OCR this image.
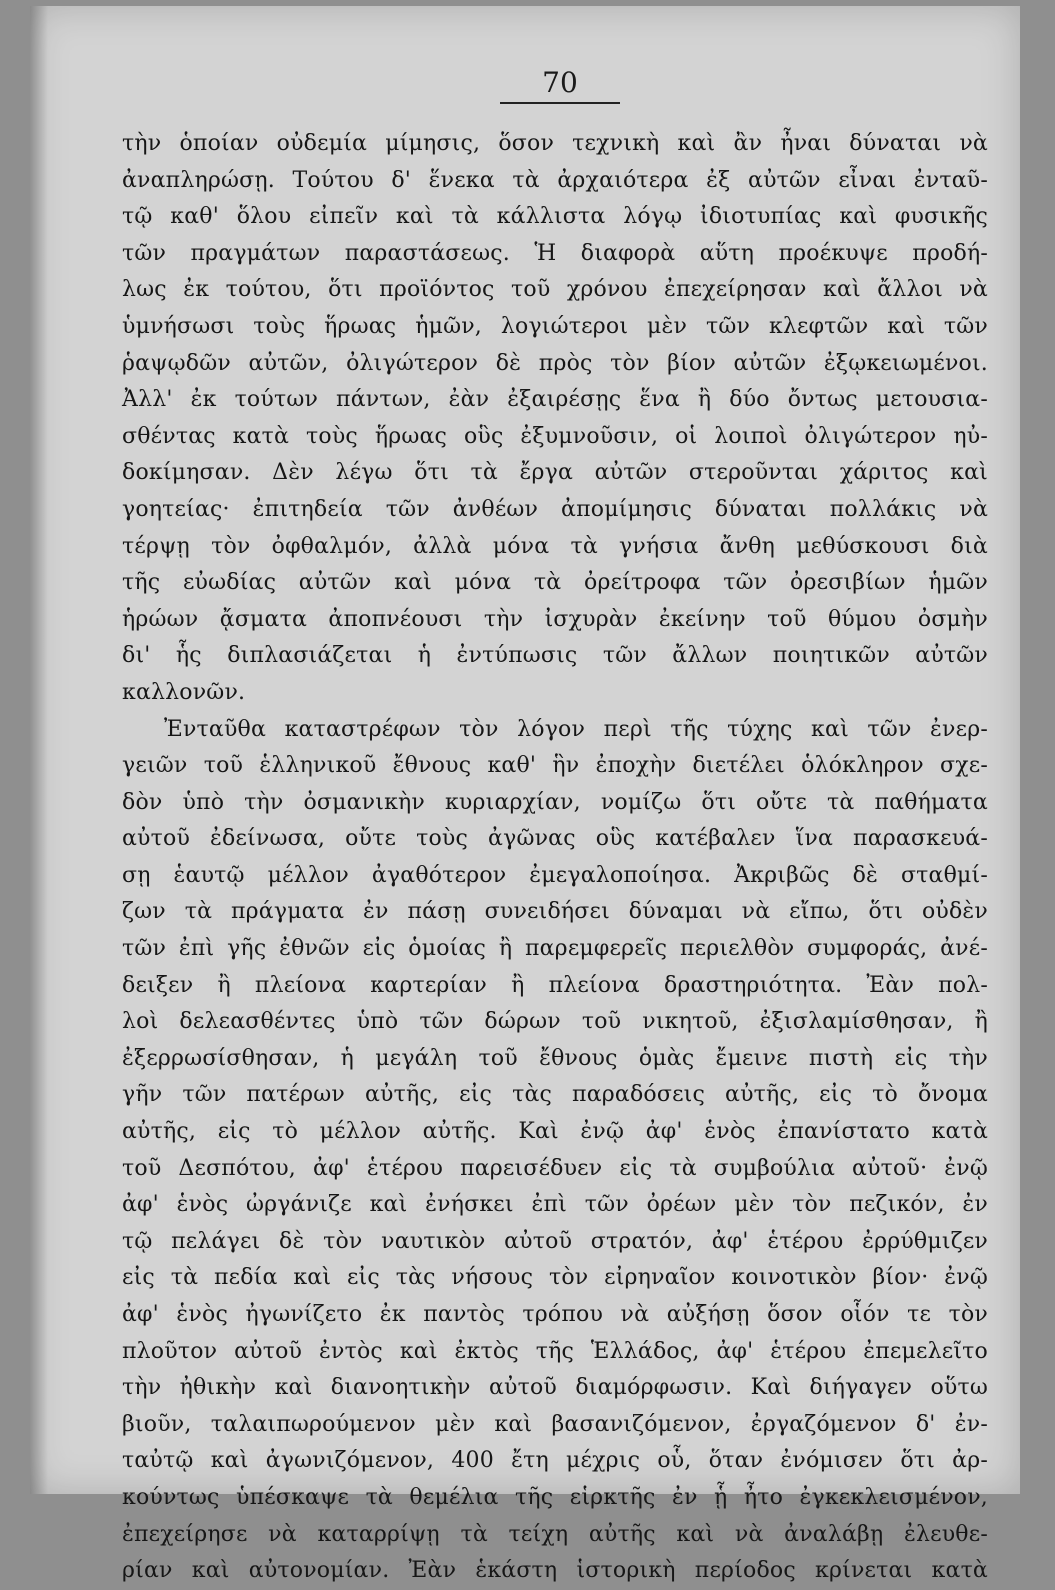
70
τὴν ὁποίαν οὐδεμία μίμησις, ὅσον τεχνικὴ καὶ ἂν ἦναι δύναται νὰ
ἀναπληρώσῃ. Τούτου δ' ἕνεκα τὰ ἀρχαιότερα ἐξ αὐτῶν εἶναι ἐνταῦ-
τῷ καθ' ὅλου εἰπεῖν καὶ τὰ κάλλιστα λόγῳ ἰδιοτυπίας καὶ φυσικῆς
τῶν πραγμάτων παραστάσεως. Ἡ διαφορὰ αὕτη προέκυψε προδή-
λως ἐκ τούτου, ὅτι προϊόντος τοῦ χρόνου ἐπεχείρησαν καὶ ἄλλοι νὰ
ὑμνήσωσι τοὺς ἥρωας ἡμῶν, λογιώτεροι μὲν τῶν κλεφτῶν καὶ τῶν
ῥαψῳδῶν αὐτῶν, ὀλιγώτερον δὲ πρὸς τὸν βίον αὐτῶν ἐξῳκειωμένοι.
Ἀλλ' ἐκ τούτων πάντων, ἐὰν ἐξαιρέσῃς ἕνα ἢ δύο ὄντως μετουσια-
σθέντας κατὰ τοὺς ἥρωας οὓς ἐξυμνοῦσιν, οἱ λοιποὶ ὀλιγώτερον ηὐ-
δοκίμησαν. Δὲν λέγω ὅτι τὰ ἔργα αὐτῶν στεροῦνται χάριτος καὶ
γοητείας· ἐπιτηδεία τῶν ἀνθέων ἀπομίμησις δύναται πολλάκις νὰ
τέρψῃ τὸν ὀφθαλμόν, ἀλλὰ μόνα τὰ γνήσια ἄνθη μεθύσκουσι διὰ
τῆς εὐωδίας αὐτῶν καὶ μόνα τὰ ὀρείτροφα τῶν ὀρεσιβίων ἡμῶν
ἡρώων ᾄσματα ἀποπνέουσι τὴν ἰσχυρὰν ἐκείνην τοῦ θύμου ὀσμὴν
δι' ἧς διπλασιάζεται ἡ ἐντύπωσις τῶν ἄλλων ποιητικῶν αὐτῶν
καλλονῶν.
Ἐνταῦθα καταστρέφων τὸν λόγον περὶ τῆς τύχης καὶ τῶν ἐνερ-
γειῶν τοῦ ἑλληνικοῦ ἔθνους καθ' ἣν ἐποχὴν διετέλει ὁλόκληρον σχε-
δὸν ὑπὸ τὴν ὀσμανικὴν κυριαρχίαν, νομίζω ὅτι οὔτε τὰ παθήματα
αὐτοῦ ἐδείνωσα, οὔτε τοὺς ἀγῶνας οὓς κατέβαλεν ἵνα παρασκευά-
σῃ ἑαυτῷ μέλλον ἀγαθότερον ἐμεγαλοποίησα. Ἀκριβῶς δὲ σταθμί-
ζων τὰ πράγματα ἐν πάσῃ συνειδήσει δύναμαι νὰ εἴπω, ὅτι οὐδὲν
τῶν ἐπὶ γῆς ἐθνῶν εἰς ὁμοίας ἢ παρεμφερεῖς περιελθὸν συμφοράς, ἀνέ-
δειξεν ἢ πλείονα καρτερίαν ἢ πλείονα δραστηριότητα. Ἐὰν πολ-
λοὶ δελεασθέντες ὑπὸ τῶν δώρων τοῦ νικητοῦ, ἐξισλαμίσθησαν, ἢ
ἐξερρωσίσθησαν, ἡ μεγάλη τοῦ ἔθνους ὁμὰς ἔμεινε πιστὴ εἰς τὴν
γῆν τῶν πατέρων αὐτῆς, εἰς τὰς παραδόσεις αὐτῆς, εἰς τὸ ὄνομα
αὐτῆς, εἰς τὸ μέλλον αὐτῆς. Καὶ ἐνῷ ἀφ' ἑνὸς ἐπανίστατο κατὰ
τοῦ Δεσπότου, ἀφ' ἑτέρου παρεισέδυεν εἰς τὰ συμβούλια αὐτοῦ· ἐνῷ
ἀφ' ἑνὸς ὠργάνιζε καὶ ἐνήσκει ἐπὶ τῶν ὀρέων μὲν τὸν πεζικόν, ἐν
τῷ πελάγει δὲ τὸν ναυτικὸν αὐτοῦ στρατόν, ἀφ' ἑτέρου ἐρρύθμιζεν
εἰς τὰ πεδία καὶ εἰς τὰς νήσους τὸν εἰρηναῖον κοινοτικὸν βίον· ἐνῷ
ἀφ' ἑνὸς ἠγωνίζετο ἐκ παντὸς τρόπου νὰ αὐξήσῃ ὅσον οἷόν τε τὸν
πλοῦτον αὐτοῦ ἐντὸς καὶ ἐκτὸς τῆς Ἑλλάδος, ἀφ' ἑτέρου ἐπεμελεῖτο
τὴν ἠθικὴν καὶ διανοητικὴν αὐτοῦ διαμόρφωσιν. Καὶ διήγαγεν οὕτω
βιοῦν, ταλαιπωρούμενον μὲν καὶ βασανιζόμενον, ἐργαζόμενον δ' ἐν-
ταὐτῷ καὶ ἀγωνιζόμενον, 400 ἔτη μέχρις οὗ, ὅταν ἐνόμισεν ὅτι ἀρ-
κούντως ὑπέσκαψε τὰ θεμέλια τῆς εἱρκτῆς ἐν ᾗ ἦτο ἐγκεκλεισμένον,
ἐπεχείρησε νὰ καταρρίψῃ τὰ τείχη αὐτῆς καὶ νὰ ἀναλάβῃ ἐλευθε-
ρίαν καὶ αὐτονομίαν. Ἐὰν ἑκάστη ἱστορικὴ περίοδος κρίνεται κατὰ
